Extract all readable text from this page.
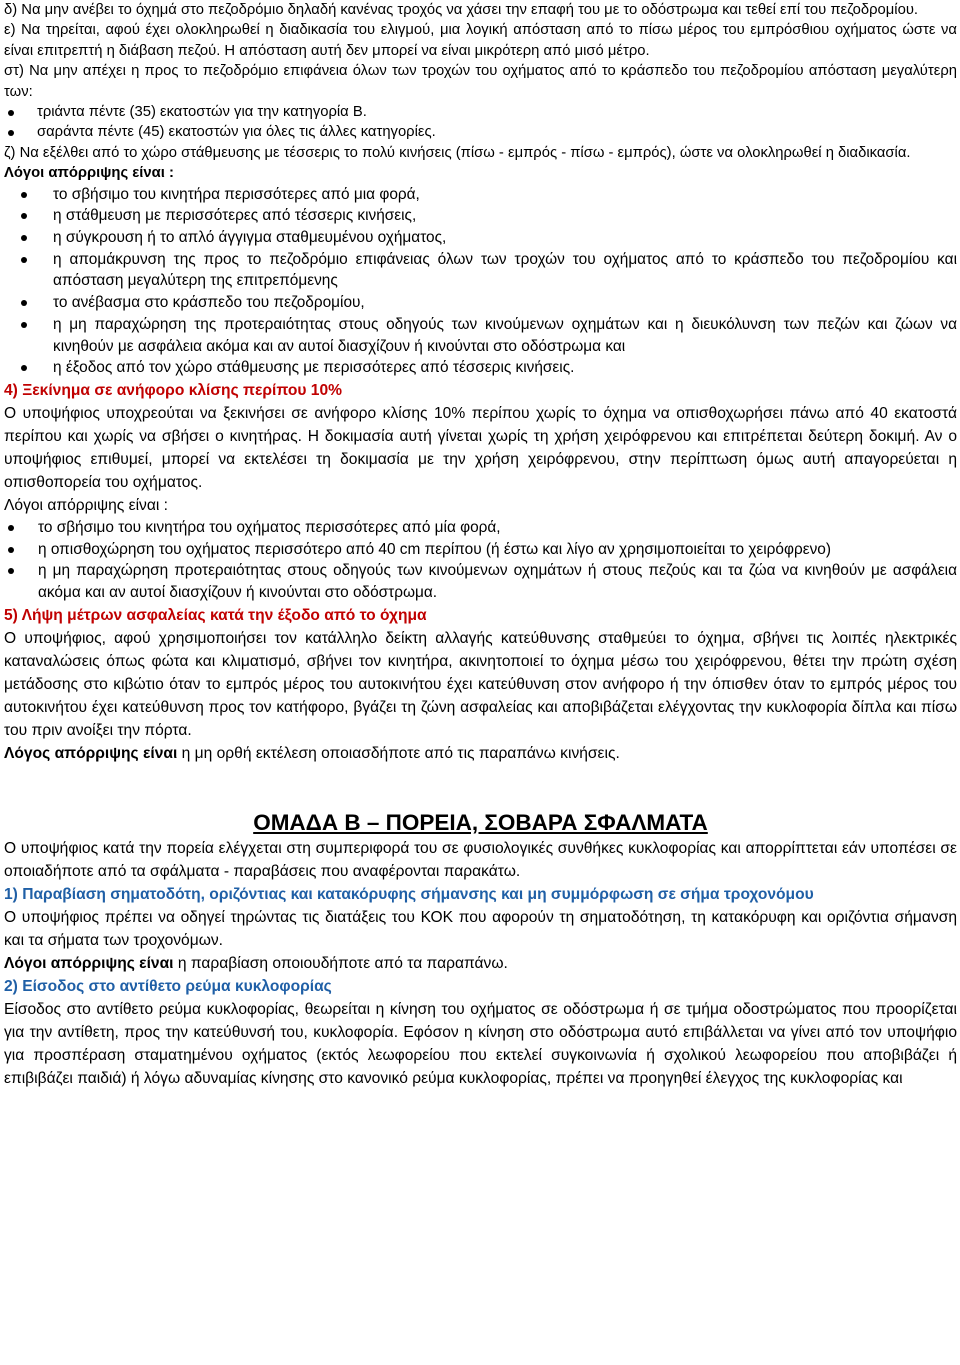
δ) Να μην ανέβει το όχημά στο πεζοδρόμιο δηλαδή κανένας τροχός να χάσει την επαφή του με το οδόστρωμα και τεθεί επί του πεζοδρομίου.

ε) Να τηρείται, αφού έχει ολοκληρωθεί η διαδικασία του ελιγμού, μια λογική απόσταση από το πίσω μέρος του εμπρόσθιου οχήματος ώστε να είναι επιτρεπτή η διάβαση πεζού. Η απόσταση αυτή δεν μπορεί να είναι μικρότερη από μισό μέτρο.

στ) Να μην απέχει η προς το πεζοδρόμιο επιφάνεια όλων των τροχών του οχήματος από το κράσπεδο του πεζοδρομίου απόσταση μεγαλύτερη των:

τριάντα πέντε (35) εκατοστών για την κατηγορία Β.
σαράντα πέντε (45) εκατοστών για όλες τις άλλες κατηγορίες.

ζ) Να εξέλθει από το χώρο στάθμευσης με τέσσερις το πολύ κινήσεις (πίσω - εμπρός - πίσω - εμπρός), ώστε να ολοκληρωθεί η διαδικασία.

Λόγοι απόρριψης είναι :

το σβήσιμο του κινητήρα περισσότερες από μια φορά,
η στάθμευση με περισσότερες από τέσσερις κινήσεις,
η σύγκρουση ή το απλό άγγιγμα σταθμευμένου οχήματος,
η απομάκρυνση της προς το πεζοδρόμιο επιφάνειας όλων των τροχών του οχήματος από το κράσπεδο του πεζοδρομίου και απόσταση μεγαλύτερη της επιτρεπόμενης
το ανέβασμα στο κράσπεδο του πεζοδρομίου,
η μη παραχώρηση της προτεραιότητας στους οδηγούς των κινούμενων οχημάτων και η διευκόλυνση των πεζών και ζώων να κινηθούν με ασφάλεια ακόμα και αν αυτοί διασχίζουν ή κινούνται στο οδόστρωμα και
η έξοδος από τον χώρο στάθμευσης με περισσότερες από τέσσερις κινήσεις.

4) Ξεκίνημα σε ανήφορο κλίσης περίπου 10%

Ο υποψήφιος υποχρεούται να ξεκινήσει σε ανήφορο κλίσης 10% περίπου χωρίς το όχημα να οπισθοχωρήσει πάνω από 40 εκατοστά περίπου και χωρίς να σβήσει ο κινητήρας. Η δοκιμασία αυτή γίνεται χωρίς τη χρήση χειρόφρενου και επιτρέπεται δεύτερη δοκιμή. Αν ο υποψήφιος επιθυμεί, μπορεί να εκτελέσει τη δοκιμασία με την χρήση χειρόφρενου, στην περίπτωση όμως αυτή απαγορεύεται η οπισθοπορεία του οχήματος.

Λόγοι απόρριψης είναι :

το σβήσιμο του κινητήρα του οχήματος περισσότερες από μία φορά,
η οπισθοχώρηση του οχήματος περισσότερο από 40 cm περίπου (ή έστω και λίγο αν χρησιμοποιείται το χειρόφρενο)
η μη παραχώρηση προτεραιότητας στους οδηγούς των κινούμενων οχημάτων ή στους πεζούς και τα ζώα να κινηθούν με ασφάλεια ακόμα και αν αυτοί διασχίζουν ή κινούνται στο οδόστρωμα.

5) Λήψη μέτρων ασφαλείας κατά την έξοδο από το όχημα

Ο υποψήφιος, αφού χρησιμοποιήσει τον κατάλληλο δείκτη αλλαγής κατεύθυνσης σταθμεύει το όχημα, σβήνει τις λοιπές ηλεκτρικές καταναλώσεις όπως φώτα και κλιματισμό, σβήνει τον κινητήρα, ακινητοποιεί το όχημα μέσω του χειρόφρενου, θέτει την πρώτη σχέση μετάδοσης στο κιβώτιο όταν το εμπρός μέρος του αυτοκινήτου έχει κατεύθυνση στον ανήφορο ή την όπισθεν όταν το εμπρός μέρος του αυτοκινήτου έχει κατεύθυνση προς τον κατήφορο, βγάζει τη ζώνη ασφαλείας και αποβιβάζεται ελέγχοντας την κυκλοφορία δίπλα και πίσω του πριν ανοίξει την πόρτα.

Λόγος απόρριψης είναι η μη ορθή εκτέλεση οποιασδήποτε από τις παραπάνω κινήσεις.

ΟΜΑΔΑ Β – ΠΟΡΕΙΑ, ΣΟΒΑΡΑ ΣΦΑΛΜΑΤΑ

Ο υποψήφιος κατά την πορεία ελέγχεται στη συμπεριφορά του σε φυσιολογικές συνθήκες κυκλοφορίας και απορρίπτεται εάν υποπέσει σε οποιαδήποτε από τα σφάλματα - παραβάσεις που αναφέρονται παρακάτω.

1) Παραβίαση σηματοδότη, οριζόντιας και κατακόρυφης σήμανσης και μη συμμόρφωση σε σήμα τροχονόμου

Ο υποψήφιος πρέπει να οδηγεί τηρώντας τις διατάξεις του ΚΟΚ που αφορούν τη σηματοδότηση, τη κατακόρυφη και οριζόντια σήμανση και τα σήματα των τροχονόμων.

Λόγοι απόρριψης είναι η παραβίαση οποιουδήποτε από τα παραπάνω.

2) Είσοδος στο αντίθετο ρεύμα κυκλοφορίας

Είσοδος στο αντίθετο ρεύμα κυκλοφορίας, θεωρείται η κίνηση του οχήματος σε οδόστρωμα ή σε τμήμα οδοστρώματος που προορίζεται για την αντίθετη, προς την κατεύθυνσή του, κυκλοφορία. Εφόσον η κίνηση στο οδόστρωμα αυτό επιβάλλεται να γίνει από τον υποψήφιο για προσπέραση σταματημένου οχήματος (εκτός λεωφορείου που εκτελεί συγκοινωνία ή σχολικού λεωφορείου που αποβιβάζει ή επιβιβάζει παιδιά) ή λόγω αδυναμίας κίνησης στο κανονικό ρεύμα κυκλοφορίας, πρέπει να προηγηθεί έλεγχος της κυκλοφορίας και
